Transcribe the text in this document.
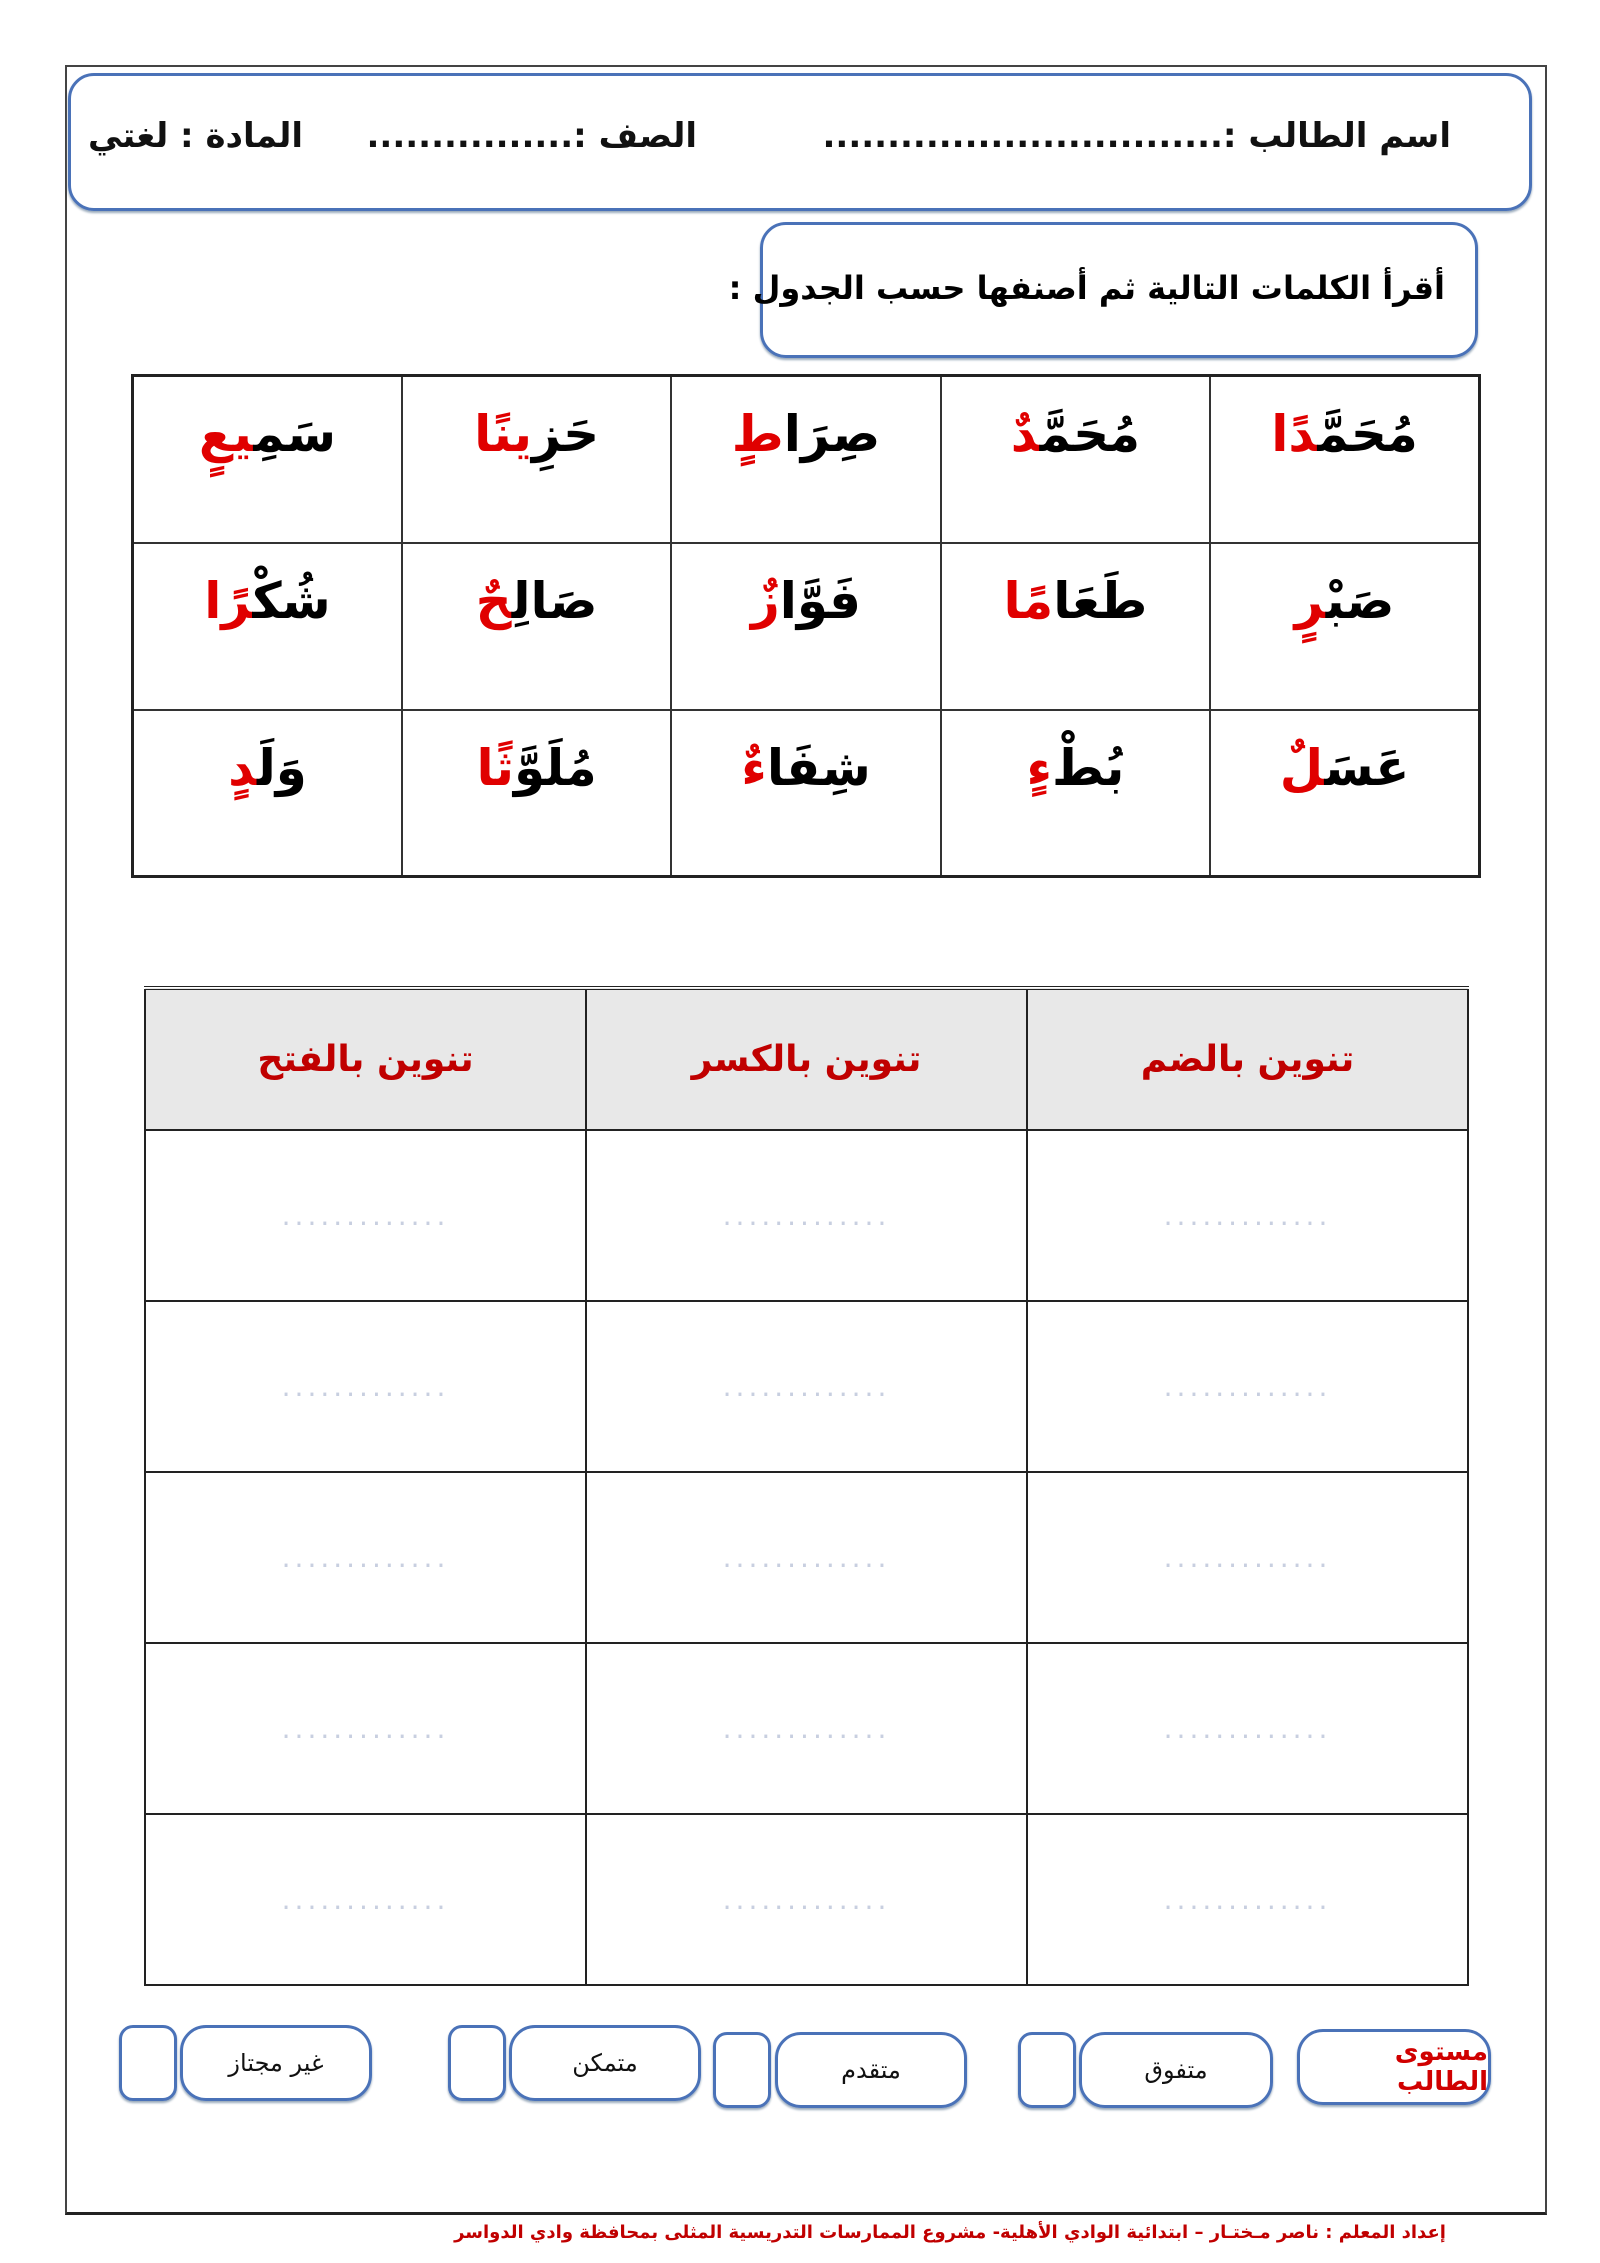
اسم الطالب :...............................
الصف :................
المادة : لغتي
أقرأ الكلمات التالية ثم أصنفها حسب الجدول :
مُحَمَّدًا	مُحَمَّدٌ	صِرَاطٍ	حَزِينًا	سَمِيعٍ
صَبْرٍ	طَعَامًا	فَوَّازٌ	صَالِحٌ	شُكْرًا
عَسَلٌ	بُطْءٍ	شِفَاءٌ	مُلَوَّثًا	وَلَدٍ
تنوين بالضم	تنوين بالكسر	تنوين بالفتح
.............	.............	.............
.............	.............	.............
.............	.............	.............
.............	.............	.............
.............	.............	.............
مستوى الطالب
متفوق
متقدم
متمكن
غير مجتاز
إعداد المعلم : ناصر مـختـار – ابتدائية الوادي الأهلية- مشروع الممارسات التدريسية المثلى بمحافظة وادي الدواسر
